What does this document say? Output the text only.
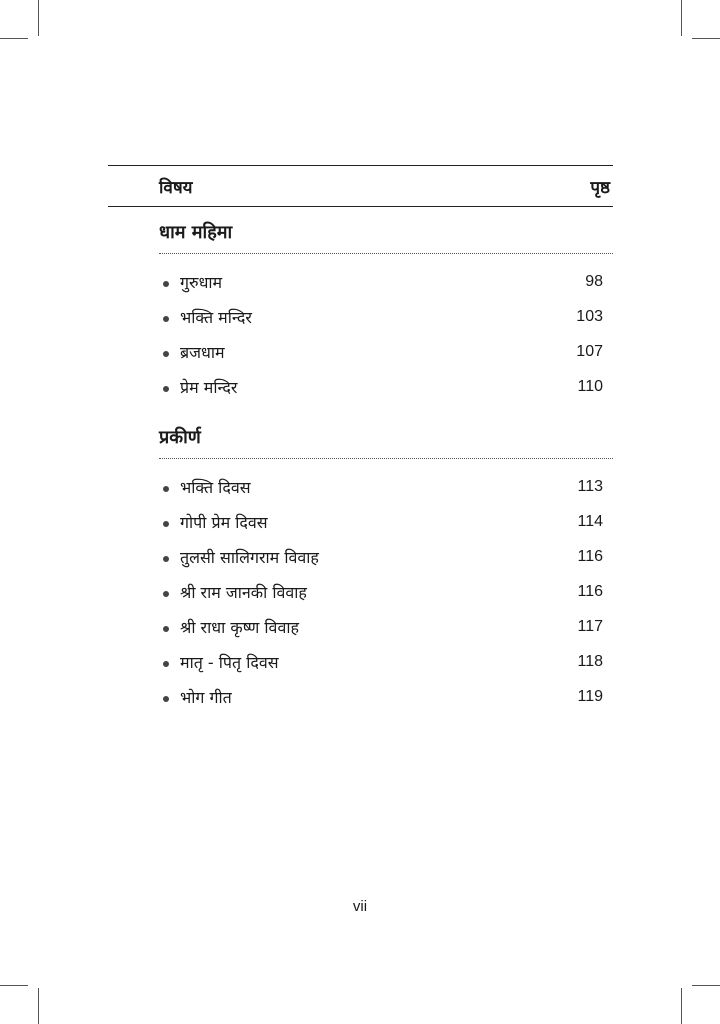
विषय	पृष्ठ
धाम महिमा
गुरुधाम	98
भक्ति मन्दिर	103
ब्रजधाम	107
प्रेम मन्दिर	110
प्रकीर्ण
भक्ति दिवस	113
गोपी प्रेम दिवस	114
तुलसी सालिगराम विवाह	116
श्री राम जानकी विवाह	116
श्री राधा कृष्ण विवाह	117
मातृ - पितृ दिवस	118
भोग गीत	119
vii
